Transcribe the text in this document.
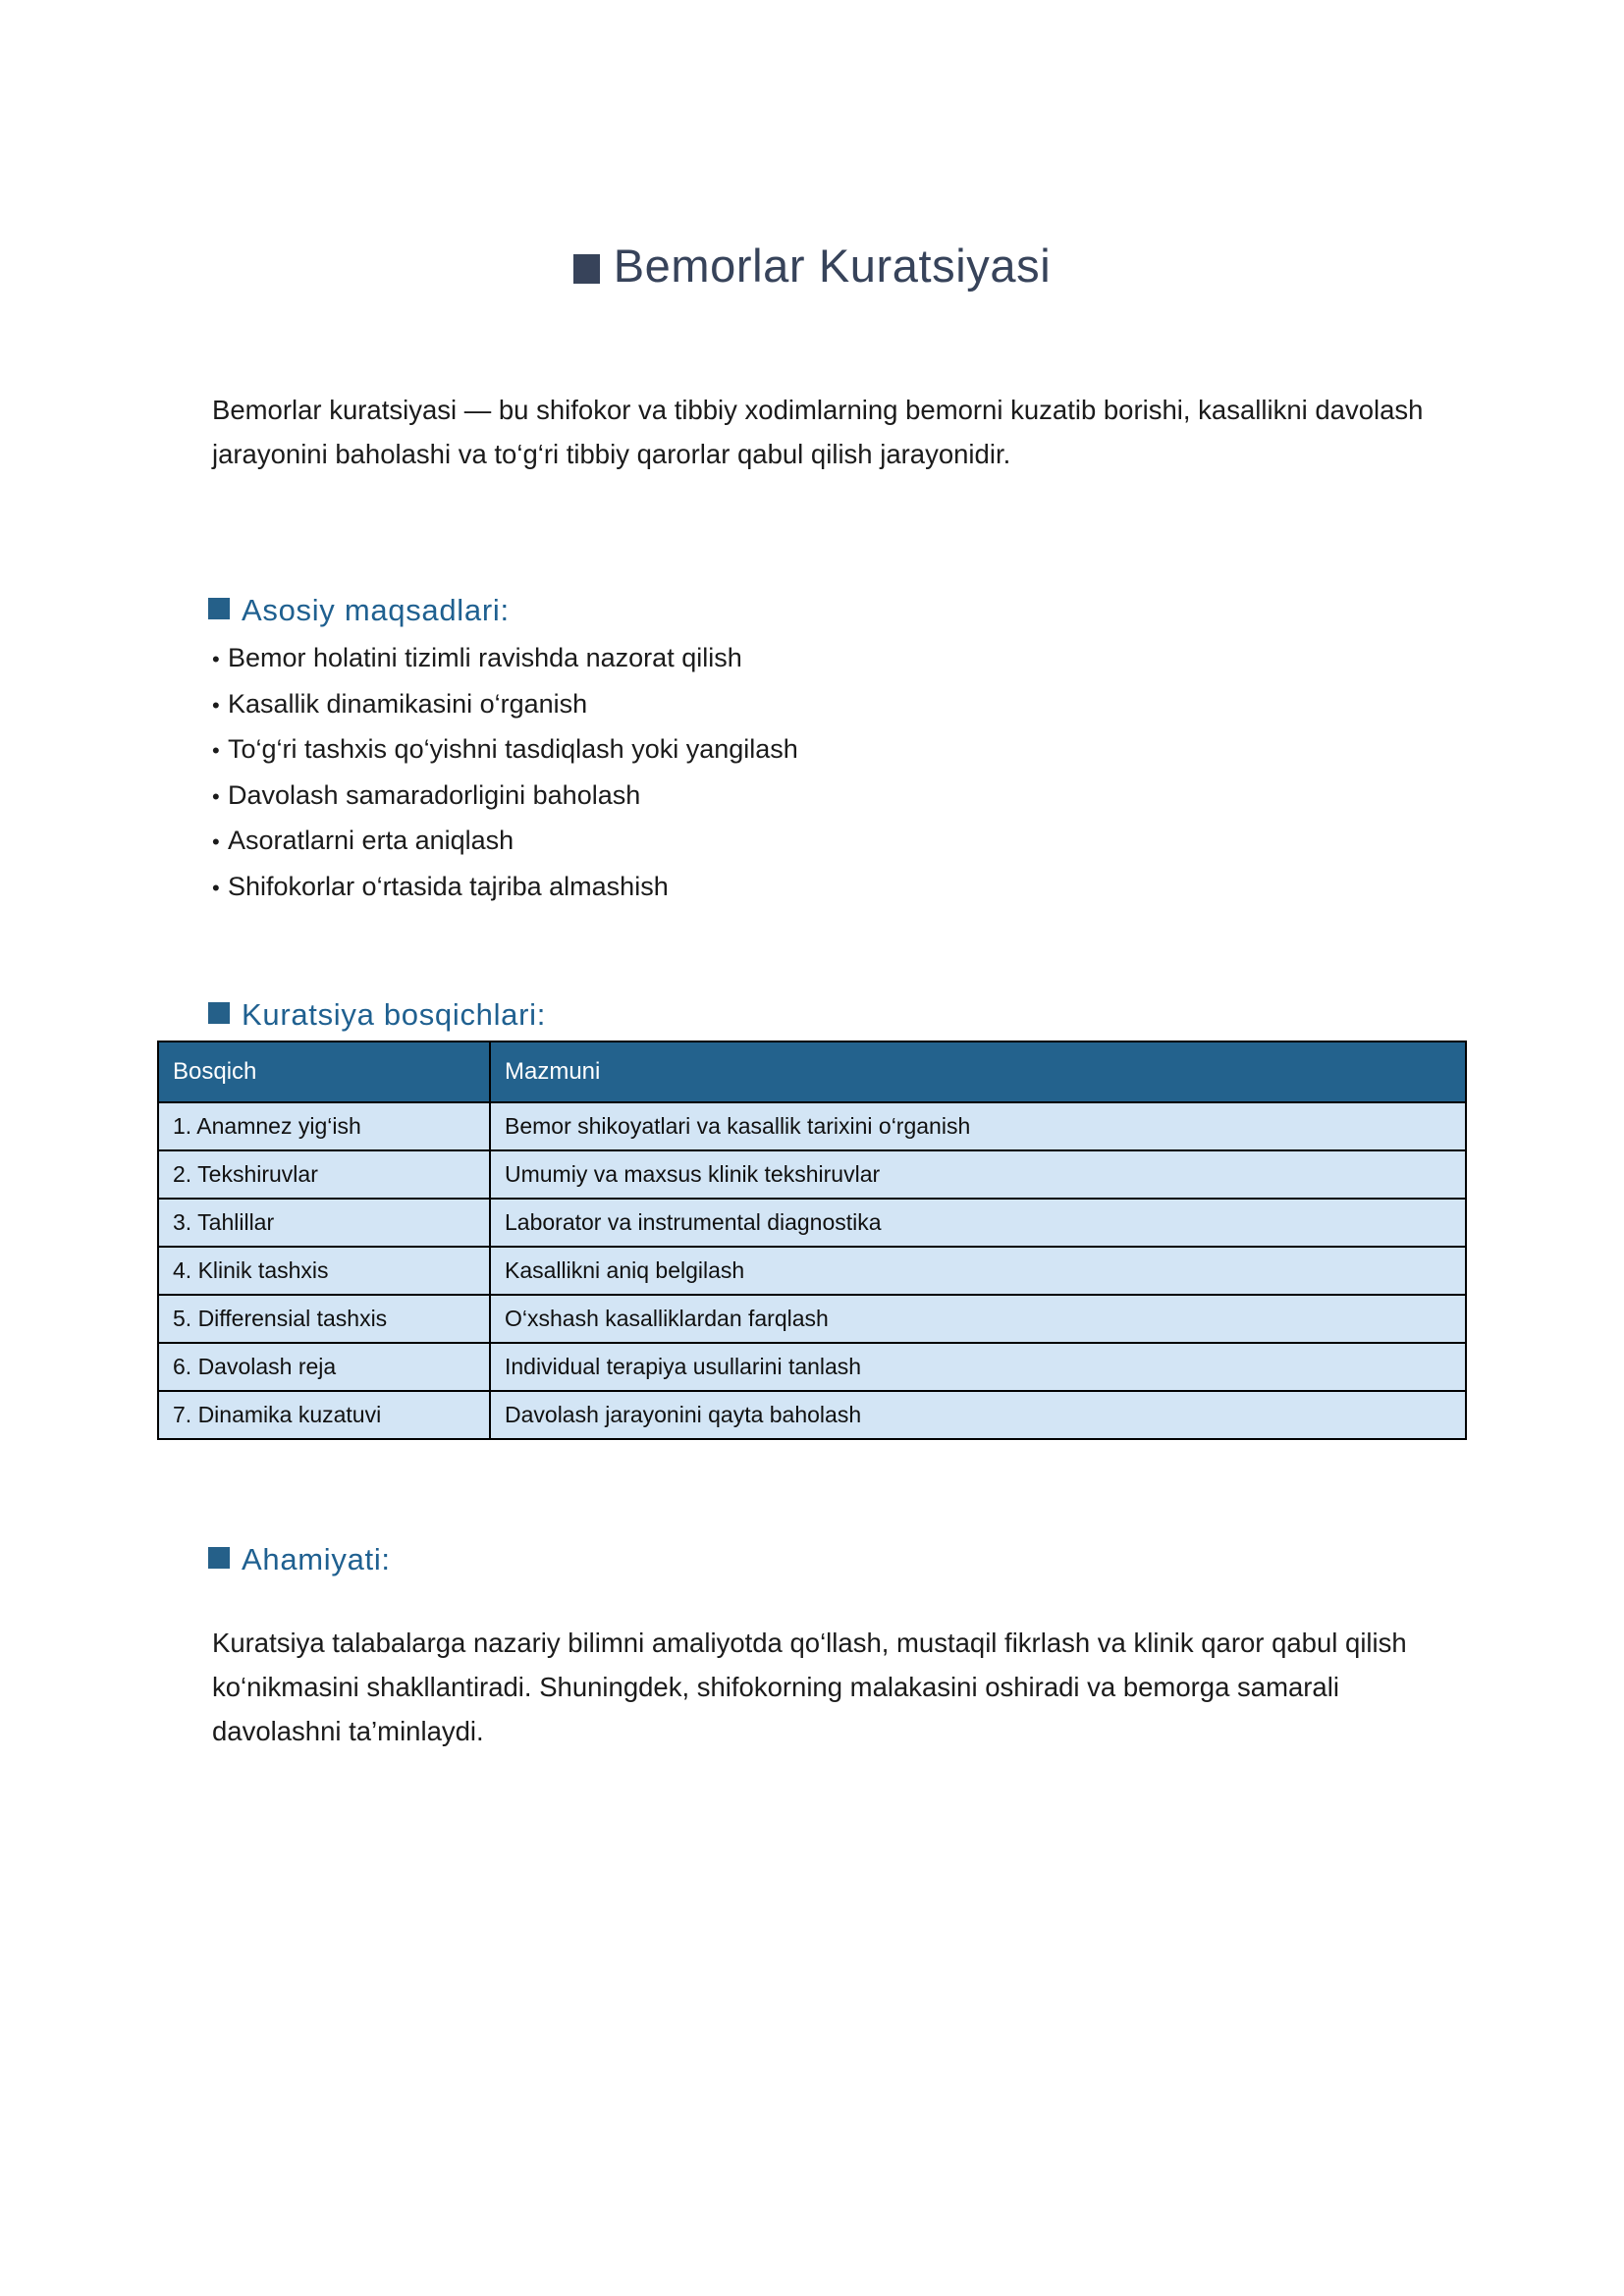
Bemorlar Kuratsiyasi

Bemorlar kuratsiyasi — bu shifokor va tibbiy xodimlarning bemorni kuzatib borishi, kasallikni davolash jarayonini baholashi va to‘g‘ri tibbiy qarorlar qabul qilish jarayonidir.

Asosiy maqsadlari:
• Bemor holatini tizimli ravishda nazorat qilish
• Kasallik dinamikasini o‘rganish
• To‘g‘ri tashxis qo‘yishni tasdiqlash yoki yangilash
• Davolash samaradorligini baholash
• Asoratlarni erta aniqlash
• Shifokorlar o‘rtasida tajriba almashish
Kuratsiya bosqichlari:
Bosqich	Mazmuni
1. Anamnez yig‘ish	Bemor shikoyatlari va kasallik tarixini o‘rganish
2. Tekshiruvlar	Umumiy va maxsus klinik tekshiruvlar
3. Tahlillar	Laborator va instrumental diagnostika
4. Klinik tashxis	Kasallikni aniq belgilash
5. Differensial tashxis	O‘xshash kasalliklardan farqlash
6. Davolash reja	Individual terapiya usullarini tanlash
7. Dinamika kuzatuvi	Davolash jarayonini qayta baholash
Ahamiyati:

Kuratsiya talabalarga nazariy bilimni amaliyotda qo‘llash, mustaqil fikrlash va klinik qaror qabul qilish ko‘nikmasini shakllantiradi. Shuningdek, shifokorning malakasini oshiradi va bemorga samarali davolashni ta’minlaydi.
